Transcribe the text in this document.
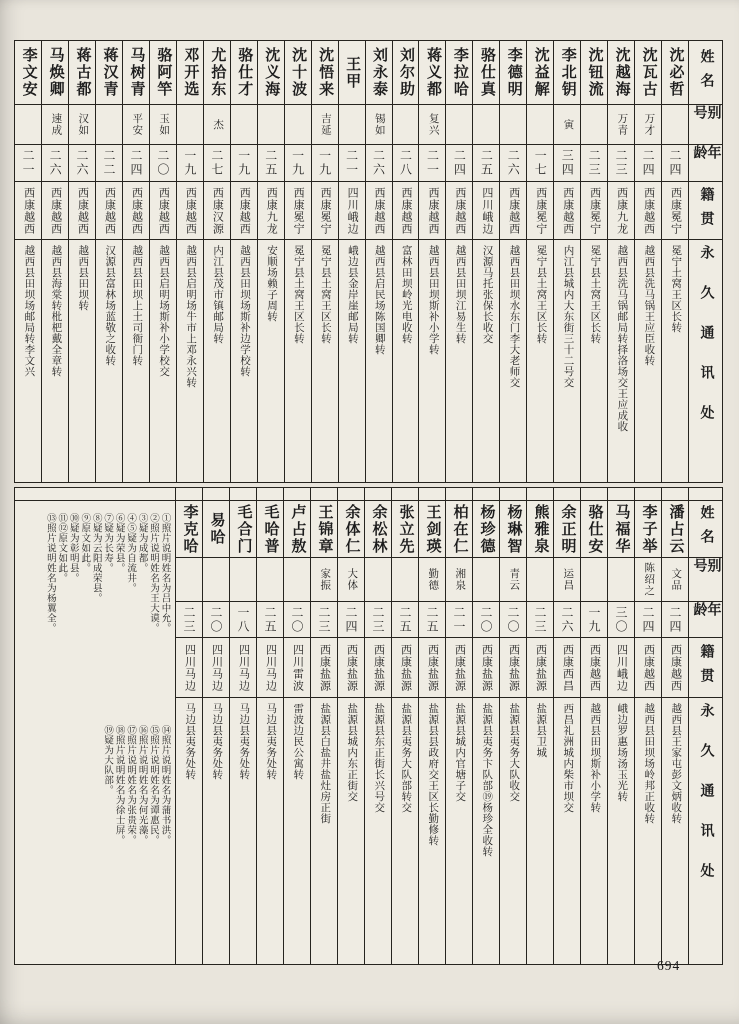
姓名
别号
年龄
籍贯
永久通讯处
沈必哲
二四
西康冕宁
冕宁土窝王区长转
沈瓦古
万才
二四
西康越西
越西县洗马锅王应臣收转
沈越海
万青
二三
西康九龙
越西县洗马锅邮局转择洛场交王应成收
沈钮流
二三
西康冕宁
冕宁县土窝王区长转
李北钥
寅
三四
西康越西
内江县城内大东街三十二号交
沈益解
一七
西康冕宁
冕宁县土窝王区长转
李德明
二六
西康越西
越西县田坝水东门李大老师交
骆仕真
二五
四川峨边
汉源马托张保长收交
李拉哈
二四
西康越西
越西县田坝江易生转
蒋义都
复兴
二一
西康越西
越西县田坝斯补小学转
刘尔助
二八
西康越西
富林田坝岭光电收转
刘永泰
锡如
二六
西康越西
越西县启民场陈国卿转
王甲
二一
四川峨边
峨边县金岸崖邮局转
沈悟来
吉延
一九
西康冕宁
冕宁县土窝王区长转
沈十波
一九
西康冕宁
冕宁县土窝王区长转
沈义海
二五
西康九龙
安顺场赖子周转
骆仕才
一九
西康越西
越西县田坝场斯补边学校转
尤拾东
杰
二七
西康汉源
内江县茂市镇邮局转
邓开选
一九
西康越西
越西县启明场牛市上邓永兴转
骆阿竿
玉如
二〇
西康越西
越西县启明场斯补小学校交
马树青
平安
二四
西康越西
越西县田坝上土司衙门转
蒋汉青
二二
西康越西
汉源县富林场蓝敬之收转
蒋古都
汉如
二六
西康越西
越西县田坝转
马焕卿
速成
二六
西康越西
越西县海棠转枇杷戴全章转
李文安
二一
西康越西
越西县田坝场邮局转李文兴
姓名
别号
年龄
籍贯
永久通讯处
潘占云
文品
二四
西康越西
越西县王家屯彭文炳收转
李子举
陈绍之
二四
西康越西
越西县田坝场岭邦正收转
马福华
三〇
四川峨边
峨边罗惠场汤玉光转
骆仕安
一九
西康越西
越西县田坝斯补小学转
余正明
运昌
二六
西康西昌
西昌礼洲城内柴市坝交
熊雅泉
二三
西康盐源
盐源县卫城
杨琳智
青云
二〇
西康盐源
盐源县夷务大队收交
杨珍德
二〇
西康盐源
盐源县夷务卞队部⑲杨珍全收转
柏在仁
湘泉
二一
西康盐源
盐源县城内官塘子交
王剑瑛
勤德
二五
西康盐源
盐源县县政府交王区长勤修转
张立先
二五
西康盐源
盐源县夷务大队部转交
余松林
二三
西康盐源
盐源县东正街长兴号交
余体仁
大体
二四
西康盐源
盐源县城内东正街交
王锦章
家振
二三
西康盐源
盐源县白盐井盐灶房正街
卢占敖
二〇
四川雷波
雷波边民公寓转
毛哈普
二五
四川马边
马边县夷务处转
毛合门
一八
四川马边
马边县夷务处转
易哈
二〇
四川马边
马边县夷务处转
李克哈
二三
四川马边
马边县夷务处转
①照片说明姓名为吕中允。
②照片说明姓名为王大谟。
③疑为成都。
④⑤疑为自流井。
⑥疑为荣县。
⑦疑为长寿。
⑧疑为云阳成荣县。
⑨原文如此。
⑩疑为彰明县。
⑪⑫原文如此。
⑬照片说明姓名为杨翼全。
⑭照片说明姓名为蒲书洪。
⑮照片说明姓名为谭惠民。
⑯照片说明姓名为何光藻。
⑰照片说明姓名为张贵荣。
⑱照片说明姓名为徐士屏。
⑲疑为大队部。
694
